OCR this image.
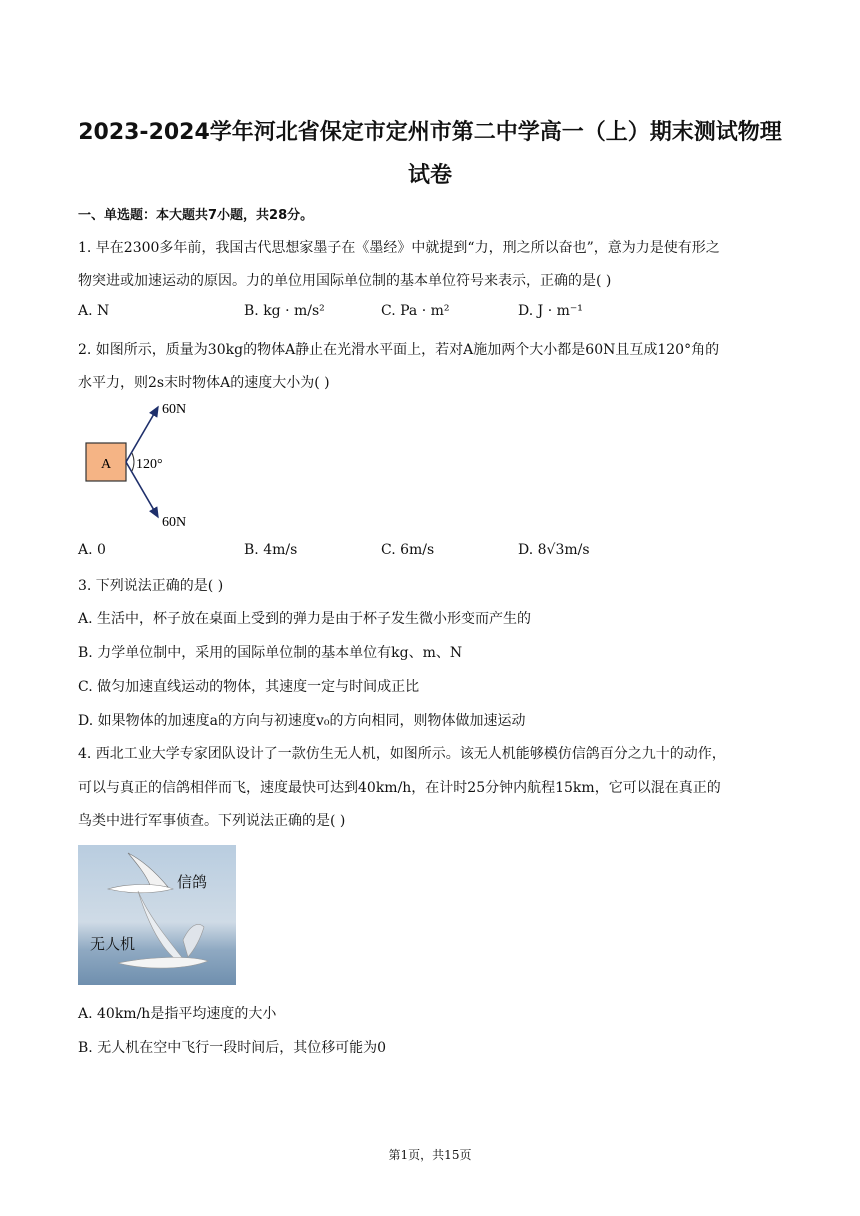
2023-2024学年河北省保定市定州市第二中学高一（上）期末测试物理
试卷
一、单选题：本大题共7小题，共28分。
1. 早在2300多年前，我国古代思想家墨子在《墨经》中就提到“力，刑之所以奋也”，意为力是使有形之
物突进或加速运动的原因。力的单位用国际单位制的基本单位符号来表示，正确的是( )
A. N	B. kg · m/s²	C. Pa · m²	D. J · m⁻¹
2. 如图所示，质量为30kg的物体A静止在光滑水平面上，若对A施加两个大小都是60N且互成120°角的
水平力，则2s末时物体A的速度大小为( )
A 120°
60N
60N
A. 0	B. 4m/s	C. 6m/s	D. 8√3m/s
3. 下列说法正确的是( )
A. 生活中，杯子放在桌面上受到的弹力是由于杯子发生微小形变而产生的
B. 力学单位制中，采用的国际单位制的基本单位有kg、m、N
C. 做匀加速直线运动的物体，其速度一定与时间成正比
D. 如果物体的加速度a的方向与初速度v₀的方向相同，则物体做加速运动
4. 西北工业大学专家团队设计了一款仿生无人机，如图所示。该无人机能够模仿信鸽百分之九十的动作，
可以与真正的信鸽相伴而飞，速度最快可达到40km/h，在计时25分钟内航程15km，它可以混在真正的
鸟类中进行军事侦查。下列说法正确的是( )
信鸽
无人机
A. 40km/h是指平均速度的大小
B. 无人机在空中飞行一段时间后，其位移可能为0
第1页，共15页
